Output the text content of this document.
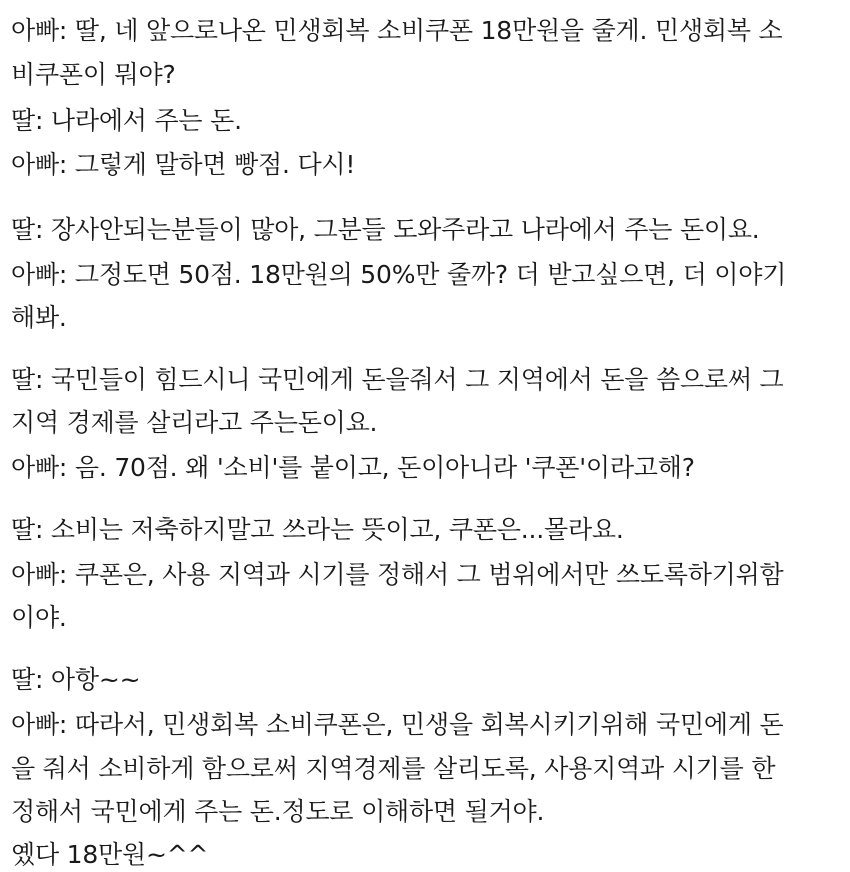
아빠: 딸, 네 앞으로나온 민생회복 소비쿠폰 18만원을 줄게. 민생회복 소
비쿠폰이 뭐야?
딸: 나라에서 주는 돈.
아빠: 그렇게 말하면 빵점. 다시!
딸: 장사안되는분들이 많아, 그분들 도와주라고 나라에서 주는 돈이요.
아빠: 그정도면 50점. 18만원의 50%만 줄까? 더 받고싶으면, 더 이야기
해봐.
딸: 국민들이 힘드시니 국민에게 돈을줘서 그 지역에서 돈을 씀으로써 그
지역 경제를 살리라고 주는돈이요.
아빠: 음. 70점. 왜 '소비'를 붙이고, 돈이아니라 '쿠폰'이라고해?
딸: 소비는 저축하지말고 쓰라는 뜻이고, 쿠폰은...몰라요.
아빠: 쿠폰은, 사용 지역과 시기를 정해서 그 범위에서만 쓰도록하기위함
이야.
딸: 아항~~
아빠: 따라서, 민생회복 소비쿠폰은, 민생을 회복시키기위해 국민에게 돈
을 줘서 소비하게 함으로써 지역경제를 살리도록, 사용지역과 시기를 한
정해서 국민에게 주는 돈.정도로 이해하면 될거야.
옜다 18만원~^^
